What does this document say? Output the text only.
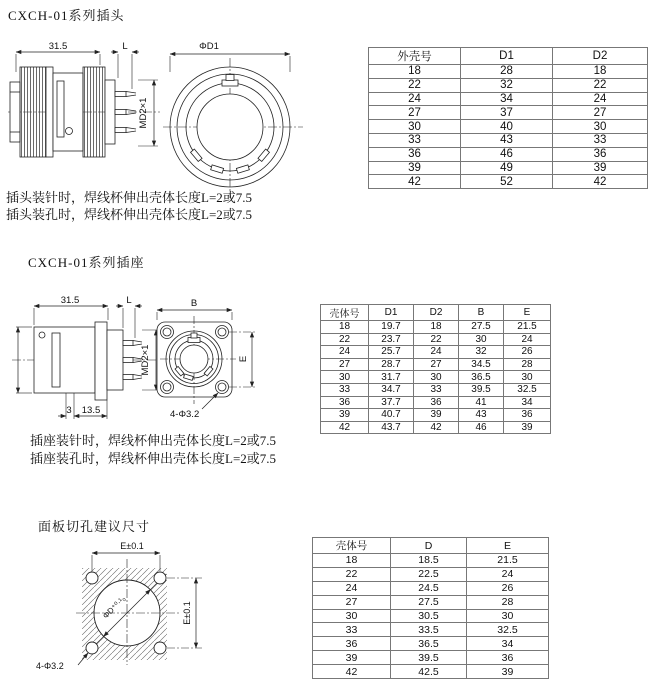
CXCH-01系列插头
31.5	L
MD2×1
ΦD1
外壳号	D1	D2
18	28	18
22	32	22
24	34	24
27	37	27
30	40	30
33	43	33
36	46	36
39	49	39
42	52	42
插头装针时，焊线杯伸出壳体长度L=2或7.5
插头装孔时，焊线杯伸出壳体长度L=2或7.5
CXCH-01系列插座
31.5	L
MD2×1
3 13.5
B
E
4-Φ3.2
壳体号	D1	D2	B	E
18	19.7	18	27.5	21.5
22	23.7	22	30	24
24	25.7	24	32	26
27	28.7	27	34.5	28
30	31.7	30	36.5	30
33	34.7	33	39.5	32.5
36	37.7	36	41	34
39	40.7	39	43	36
42	43.7	42	46	39
插座装针时，焊线杯伸出壳体长度L=2或7.5
插座装孔时，焊线杯伸出壳体长度L=2或7.5
面板切孔建议尺寸
E±0.1
E±0.1
ΦD⁺⁰·¹₀
4-Φ3.2
壳体号	D	E
18	18.5	21.5
22	22.5	24
24	24.5	26
27	27.5	28
30	30.5	30
33	33.5	32.5
36	36.5	34
39	39.5	36
42	42.5	39
